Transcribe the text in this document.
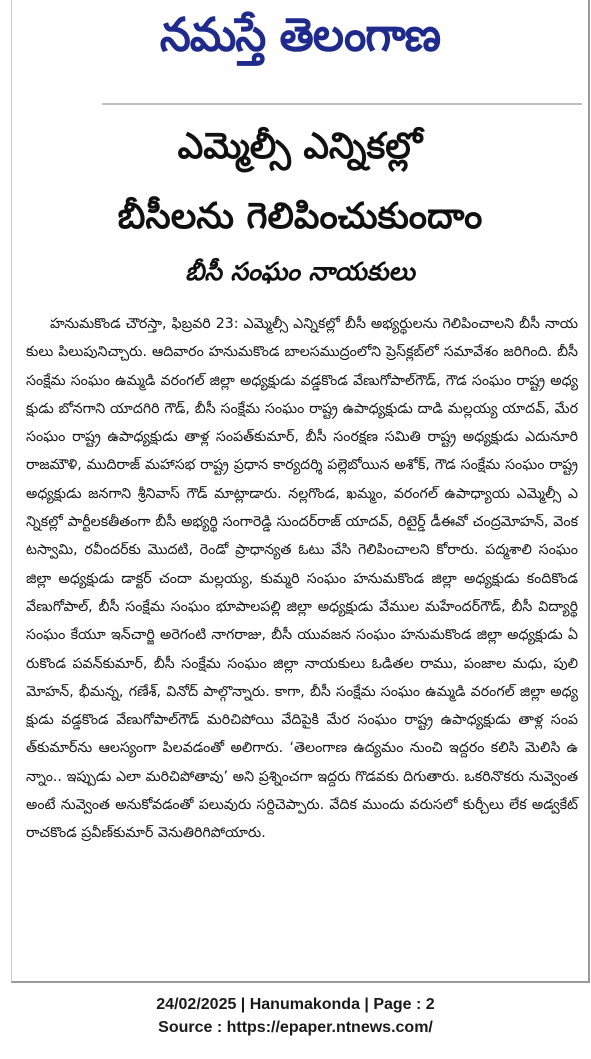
నమస్తే తెలంగాణ
ఎమ్మెల్సీ ఎన్నికల్లో
బీసీలను గెలిపించుకుందాం
బీసీ సంఘం నాయకులు
హనుమకొండ చౌరస్తా, ఫిబ్రవరి 23: ఎమ్మెల్సీ ఎన్నికల్లో బీసీ అభ్యర్థులను గెలిపించాలని బీసీ నాయకులు పిలుపునిచ్చారు. ఆదివారం హనుమకొండ బాలసముద్రంలోని ప్రెస్‌క్లబ్‌లో సమావేశం జరిగింది. బీసీ సంక్షేమ సంఘం ఉమ్మడి వరంగల్ జిల్లా అధ్యక్షుడు వడ్డకొండ వేణుగోపాల్‌గౌడ్, గౌడ సంఘం రాష్ట్ర అధ్యక్షుడు బోనగాని యాదగిరి గౌడ్, బీసీ సంక్షేమ సంఘం రాష్ట్ర ఉపాధ్యక్షుడు దాడి మల్లయ్య యాదవ్, మేర సంఘం రాష్ట్ర ఉపాధ్యక్షుడు తాళ్ల సంపత్‌కుమార్, బీసీ సంరక్షణ సమితి రాష్ట్ర అధ్యక్షుడు ఎదునూరి రాజమౌళి, ముదిరాజ్ మహాసభ రాష్ట్ర ప్రధాన కార్యదర్శి పల్లెబోయిన అశోక్, గౌడ సంక్షేమ సంఘం రాష్ట్ర అధ్యక్షుడు జనగాని శ్రీనివాస్ గౌడ్ మాట్లాడారు. నల్లగొండ, ఖమ్మం, వరంగల్ ఉపాధ్యాయ ఎమ్మెల్సీ ఎన్నికల్లో పార్టీలకతీతంగా బీసీ అభ్యర్థి సంగారెడ్డి సుందర్‌రాజ్ యాదవ్, రిటైర్డ్ డీఈవో చంద్రమోహన్, వెంకటస్వామి, రవీందర్‌కు మొదటి, రెండో ప్రాధాన్యత ఓటు వేసి గెలిపించాలని కోరారు. పద్మశాలి సంఘం జిల్లా అధ్యక్షుడు డాక్టర్ చందా మల్లయ్య, కుమ్మరి సంఘం హనుమకొండ జిల్లా అధ్యక్షుడు కందికొండ వేణుగోపాల్, బీసీ సంక్షేమ సంఘం భూపాలపల్లి జిల్లా అధ్యక్షుడు వేముల మహేందర్‌గౌడ్, బీసీ విద్యార్థి సంఘం కేయూ ఇన్‌చార్జి అరెగంటి నాగరాజు, బీసీ యువజన సంఘం హనుమకొండ జిల్లా అధ్యక్షుడు ఏరుకొండ పవన్‌కుమార్, బీసీ సంక్షేమ సంఘం జిల్లా నాయకులు ఓడితల రాము, పంజాల మధు, పులి మోహన్, భీమన్న, గణేశ్, వినోద్ పాల్గొన్నారు. కాగా, బీసీ సంక్షేమ సంఘం ఉమ్మడి వరంగల్ జిల్లా అధ్యక్షుడు వడ్డకొండ వేణుగోపాల్‌గౌడ్ మరిచిపోయి వేదిపైకి మేర సంఘం రాష్ట్ర ఉపాధ్యక్షుడు తాళ్ల సంపత్‌కుమార్‌ను ఆలస్యంగా పిలవడంతో అలిగారు. ‘తెలంగాణ ఉద్యమం నుంచి ఇద్దరం కలిసి మెలిసి ఉన్నాం.. ఇప్పుడు ఎలా మరిచిపోతావు’ అని ప్రశ్నించగా ఇద్దరు గొడవకు దిగుతారు. ఒకరినొకరు నువ్వెంత అంటే నువ్వెంత అనుకోవడంతో పలువురు సర్దిచెప్పారు. వేదిక ముందు వరుసలో కుర్చీలు లేక అడ్వకేట్ రాచకొండ ప్రవీణ్‌కుమార్ వెనుతిరిగిపోయారు.
24/02/2025 | Hanumakonda | Page : 2
Source : https://epaper.ntnews.com/
